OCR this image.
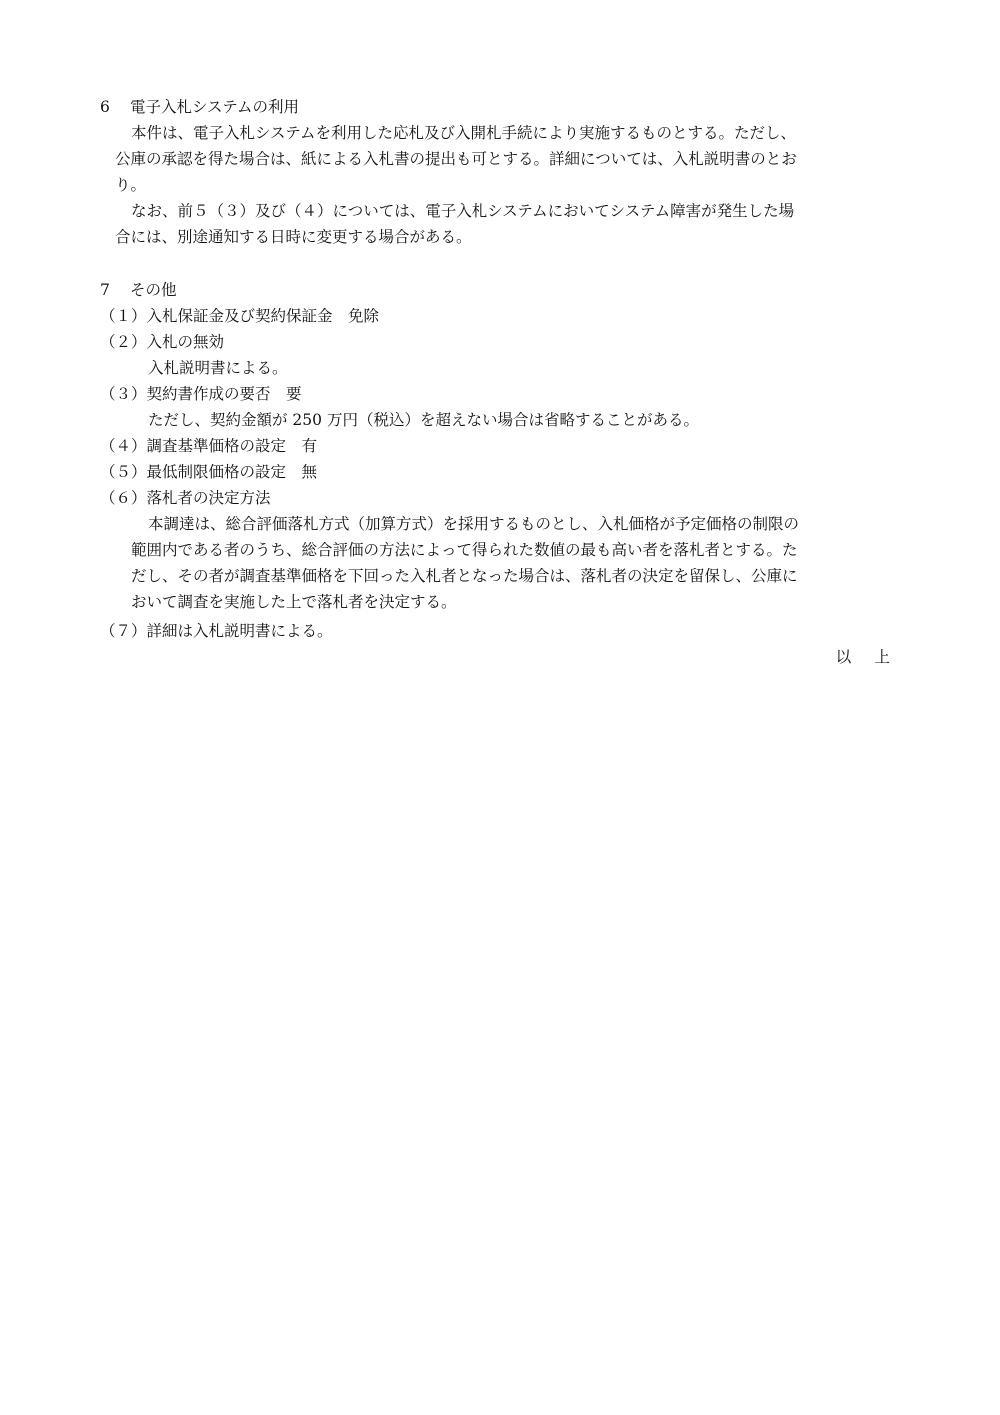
6 電子入札システムの利用
本件は、電子入札システムを利用した応札及び入開札手続により実施するものとする。ただし、
公庫の承認を得た場合は、紙による入札書の提出も可とする。詳細については、入札説明書のとお
り。
なお、前５（３）及び（４）については、電子入札システムにおいてシステム障害が発生した場
合には、別途通知する日時に変更する場合がある。
7 その他
（１）入札保証金及び契約保証金　免除
（２）入札の無効
入札説明書による。
（３）契約書作成の要否　要
ただし、契約金額が 250 万円（税込）を超えない場合は省略することがある。
（４）調査基準価格の設定　有
（５）最低制限価格の設定　無
（６）落札者の決定方法
本調達は、総合評価落札方式（加算方式）を採用するものとし、入札価格が予定価格の制限の
範囲内である者のうち、総合評価の方法によって得られた数値の最も高い者を落札者とする。た
だし、その者が調査基準価格を下回った入札者となった場合は、落札者の決定を留保し、公庫に
おいて調査を実施した上で落札者を決定する。
（７）詳細は入札説明書による。
以上
